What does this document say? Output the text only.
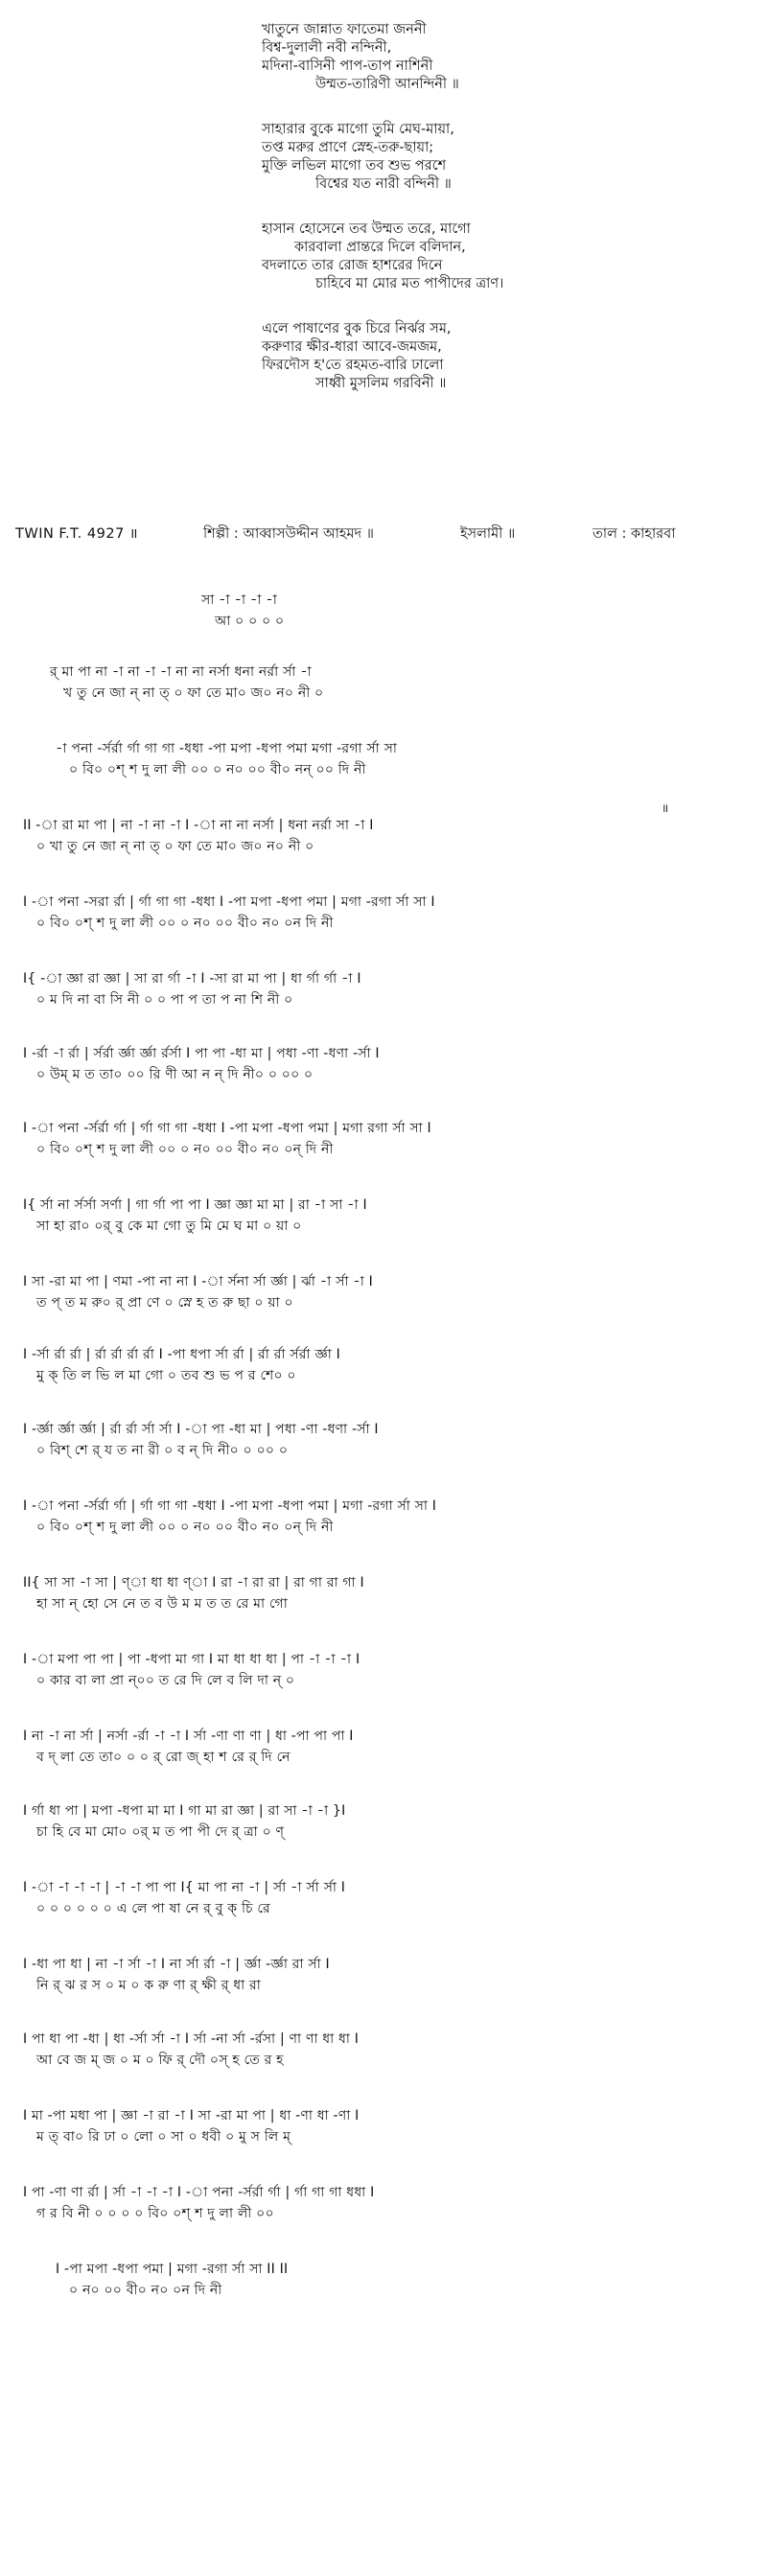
খাতুনে জান্নাত ফাতেমা জননী
বিশ্ব-দুলালী নবী নন্দিনী,
মদিনা-বাসিনী পাপ-তাপ নাশিনী
উম্মত-তারিণী আনন্দিনী ॥
সাহারার বুকে মাগো তুমি মেঘ-মায়া,
তপ্ত মরুর প্রাণে স্নেহ-তরু-ছায়া;
মুক্তি লভিল মাগো তব শুভ পরশে
বিশ্বের যত নারী বন্দিনী ॥
হাসান হোসেনে তব উম্মত তরে, মাগো
কারবালা প্রান্তরে দিলে বলিদান,
বদলাতে তার রোজ হাশরের দিনে
চাহিবে মা মোর মত পাপীদের ত্রাণ।
এলে পাষাণের বুক চিরে নির্ঝর সম,
করুণার ক্ষীর-ধারা আবে-জমজম,
ফিরদৌস হ'তে রহমত-বারি ঢালো
সাধ্বী মুসলিম গরবিনী ॥
TWIN F.T. 4927 ॥	শিল্পী : আব্বাসউদ্দীন আহমদ ॥	ইসলামী ॥	তাল : কাহারবা
সা -া -া -া -া
আ ০ ০ ০ ০
র্ মা পা না -া না -া -া না না নর্সা ধনা নর্রা র্সা -া
খ তু নে জা ন্ না ত্ ০ ফা তে মা০ জ০ ন০ নী ০
-া পনা -র্সর্রা র্গা গা গা -ধধা -পা মপা -ধপা পমা মগা -রগা র্সা সা
০ বি০ ০শ্ শ দু লা লী ০০ ০ ন০ ০০ বী০ নন্ ০০ দি নী
॥
II -া রা মা পা | না -া না -া I -া না না নর্সা | ধনা নর্রা সা -া I
০ খা তু নে জা ন্ না ত্ ০ ফা তে মা০ জ০ ন০ নী ০
I -া পনা -সরা র্রা | র্গা গা গা -ধধা I -পা মপা -ধপা পমা | মগা -রগা র্সা সা I
০ বি০ ০শ্ শ দু লা লী ০০ ০ ন০ ০০ বী০ ন০ ০ন দি নী
I{ -া জ্ঞা রা জ্ঞা | সা রা র্গা -া I -সা রা মা পা | ধা র্গা র্গা -া I
০ ম দি না বা সি নী ০ ০ পা প তা প না শি নী ০
I -র্রা -া র্রা | র্সর্রা র্জ্ঞা র্জ্ঞা র্রর্সা I পা পা -ধা মা | পধা -ণা -ধণা -র্সা I
০ উম্ ম ত তা০ ০০ রি ণী আ ন ন্ দি নী০ ০ ০০ ০
I -া পনা -র্সর্রা র্গা | র্গা গা গা -ধধা I -পা মপা -ধপা পমা | মগা রগা র্সা সা I
০ বি০ ০শ্ শ দু লা লী ০০ ০ ন০ ০০ বী০ ন০ ০ন্ দি নী
I{ র্সা না র্সর্সা সর্ণা | গা র্গা পা পা I জ্ঞা জ্ঞা মা মা | রা -া সা -া I
সা হা রা০ ০র্ বু কে মা গো তু মি মে ঘ মা ০ য়া ০
I সা -রা মা পা | ণমা -পা না না I -া র্সনা র্সা র্জ্ঞা | র্ঝা -া র্সা -া I
ত প্ ত ম রু০ র্ প্রা ণে ০ স্নে হ ত রু ছা ০ য়া ০
I -র্সা র্রা র্রা | র্রা র্রা র্রা র্রা I -পা ধপা র্সা র্রা | র্রা র্রা র্সর্রা র্জ্ঞা I
মু ক্ তি ল ভি ল মা গো ০ তব শু ভ প র শে০ ০
I -র্জ্ঞা র্জ্ঞা র্জ্ঞা | র্রা র্রা র্সা র্সা I -া পা -ধা মা | পধা -ণা -ধণা -র্সা I
০ বিশ্ শে র্ য ত না রী ০ ব ন্ দি নী০ ০ ০০ ০
I -া পনা -র্সর্রা র্গা | র্গা গা গা -ধধা I -পা মপা -ধপা পমা | মগা -রগা র্সা সা I
০ বি০ ০শ্ শ দু লা লী ০০ ০ ন০ ০০ বী০ ন০ ০ন্ দি নী
II{ সা সা -া সা | ণ্া ধা ধা ণ্া I রা -া রা রা | রা গা রা গা I
হা সা ন্ হো সে নে ত ব উ ম ম ত ত রে মা গো
I -া মপা পা পা | পা -ধপা মা গা I মা ধা ধা ধা | পা -া -া -া I
০ কার বা লা প্রা ন্০০ ত রে দি লে ব লি দা ন্ ০
I না -া না র্সা | নর্সা -র্রা -া -া I র্সা -ণা ণা ণা | ধা -পা পা পা I
ব দ্ লা তে তা০ ০ ০ র্ রো জ্ হা শ রে র্ দি নে
I র্গা ধা পা | মপা -ধপা মা মা I গা মা রা জ্ঞা | রা সা -া -া }I
চা হি বে মা মো০ ০র্ ম ত পা পী দে র্ ত্রা ০ ণ্
I -া -া -া -া | -া -া পা পা I{ মা পা না -া | র্সা -া র্সা র্সা I
০ ০ ০ ০ ০ ০ এ লে পা ষা নে র্ বু ক্ চি রে
I -ধা পা ধা | না -া র্সা -া I না র্সা র্রা -া | র্জ্ঞা -র্জ্ঞা রা র্সা I
নি র্ ঝ র স ০ ম ০ ক রু ণা র্ ক্ষী র্ ধা রা
I পা ধা পা -ধা | ধা -র্সা র্সা -া I র্সা -না র্সা -র্রসা | ণা ণা ধা ধা I
আ বে জ ম্ জ ০ ম ০ ফি র্ দৌ ০স্ হ তে র হ
I মা -পা মধা পা | জ্ঞা -া রা -া I সা -রা মা পা | ধা -ণা ধা -ণা I
ম ত্ বা০ রি ঢা ০ লো ০ সা ০ ধবী ০ মু স লি ম্
I পা -ণা ণা র্রা | র্সা -া -া -া I -া পনা -র্সর্রা র্গা | র্গা গা গা ধধা I
গ র বি নী ০ ০ ০ ০ বি০ ০শ্ শ দু লা লী ০০
I -পা মপা -ধপা পমা | মগা -রগা র্সা সা II II
০ ন০ ০০ বী০ ন০ ০ন দি নী
